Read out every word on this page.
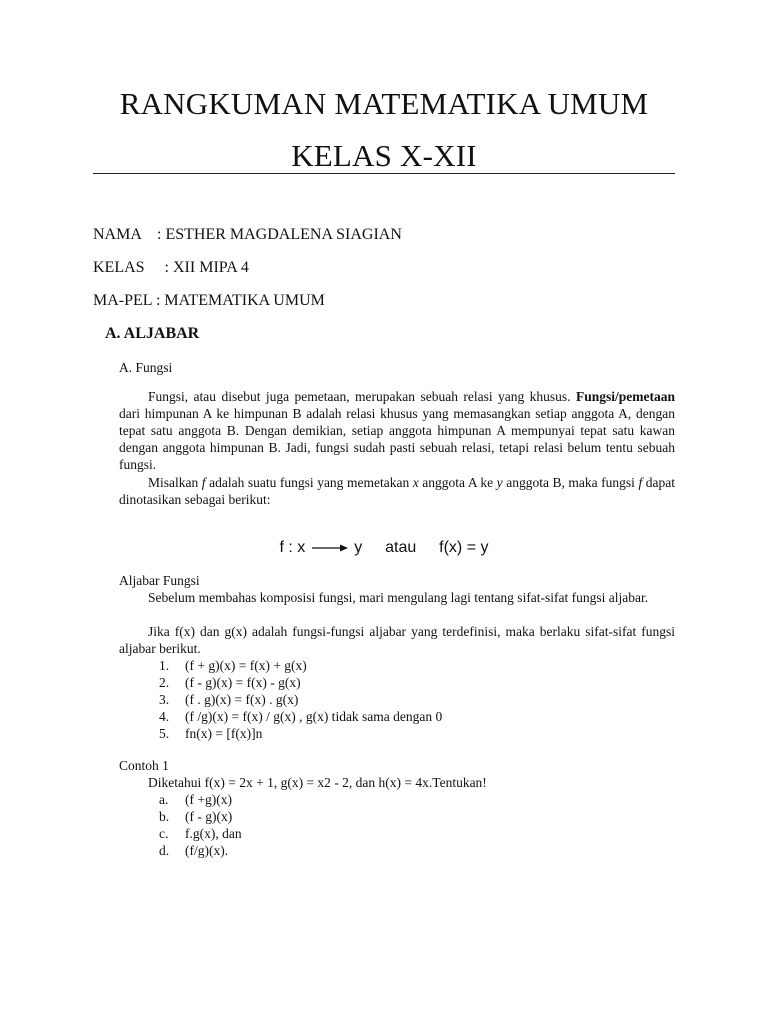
RANGKUMAN MATEMATIKA UMUM
KELAS X-XII
NAMA    : ESTHER MAGDALENA SIAGIAN
KELAS     : XII MIPA 4
MA-PEL : MATEMATIKA UMUM
A. ALJABAR
A. Fungsi
Fungsi, atau disebut juga pemetaan, merupakan sebuah relasi yang khusus. Fungsi/pemetaan dari himpunan A ke himpunan B adalah relasi khusus yang memasangkan setiap anggota A, dengan tepat satu anggota B. Dengan demikian, setiap anggota himpunan A mempunyai tepat satu kawan dengan anggota himpunan B. Jadi, fungsi sudah pasti sebuah relasi, tetapi relasi belum tentu sebuah fungsi.
Misalkan f adalah suatu fungsi yang memetakan x anggota A ke y anggota B, maka fungsi f dapat dinotasikan sebagai berikut:
f : x	y atau f(x) = y
Aljabar Fungsi
Sebelum membahas komposisi fungsi, mari mengulang lagi tentang sifat-sifat fungsi aljabar.
Jika f(x) dan g(x) adalah fungsi-fungsi aljabar yang terdefinisi, maka berlaku sifat-sifat fungsi aljabar berikut.
1. (f + g)(x) = f(x) + g(x)
2. (f - g)(x) = f(x) - g(x)
3. (f . g)(x) = f(x) . g(x)
4. (f /g)(x) = f(x) / g(x) , g(x) tidak sama dengan 0
5. fn(x) = [f(x)]n
Contoh 1
Diketahui f(x) = 2x + 1, g(x) = x2 - 2, dan h(x) = 4x.Tentukan!
a. (f +g)(x)
b. (f - g)(x)
c. f.g(x), dan
d. (f/g)(x).
